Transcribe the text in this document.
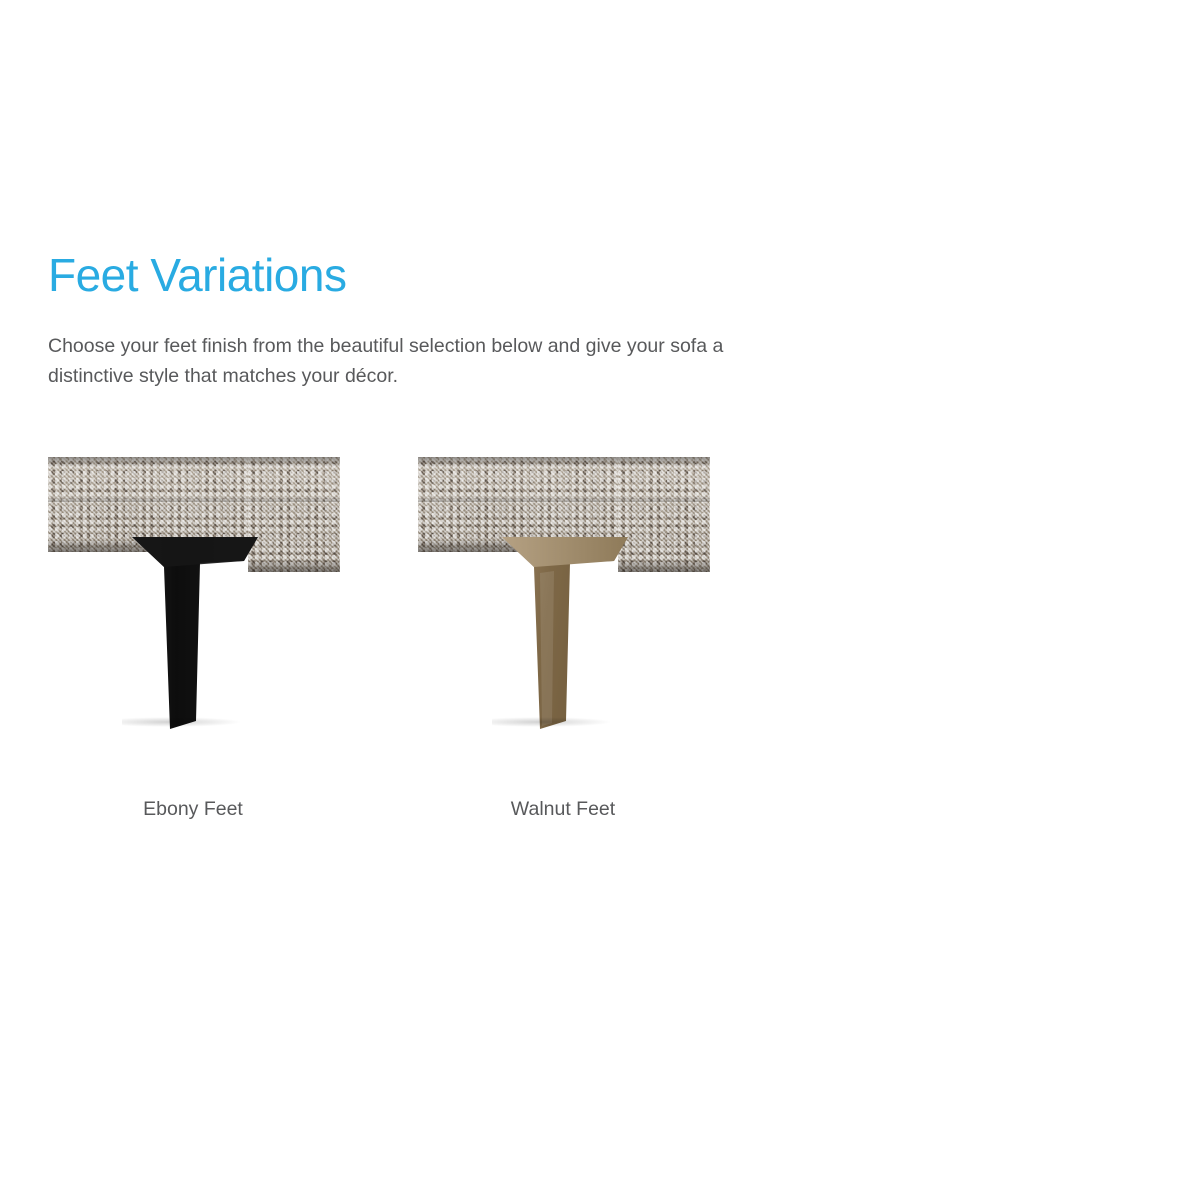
Feet Variations

Choose your feet finish from the beautiful selection below and give your sofa a distinctive style that matches your décor.

Ebony Feet	Walnut Feet
